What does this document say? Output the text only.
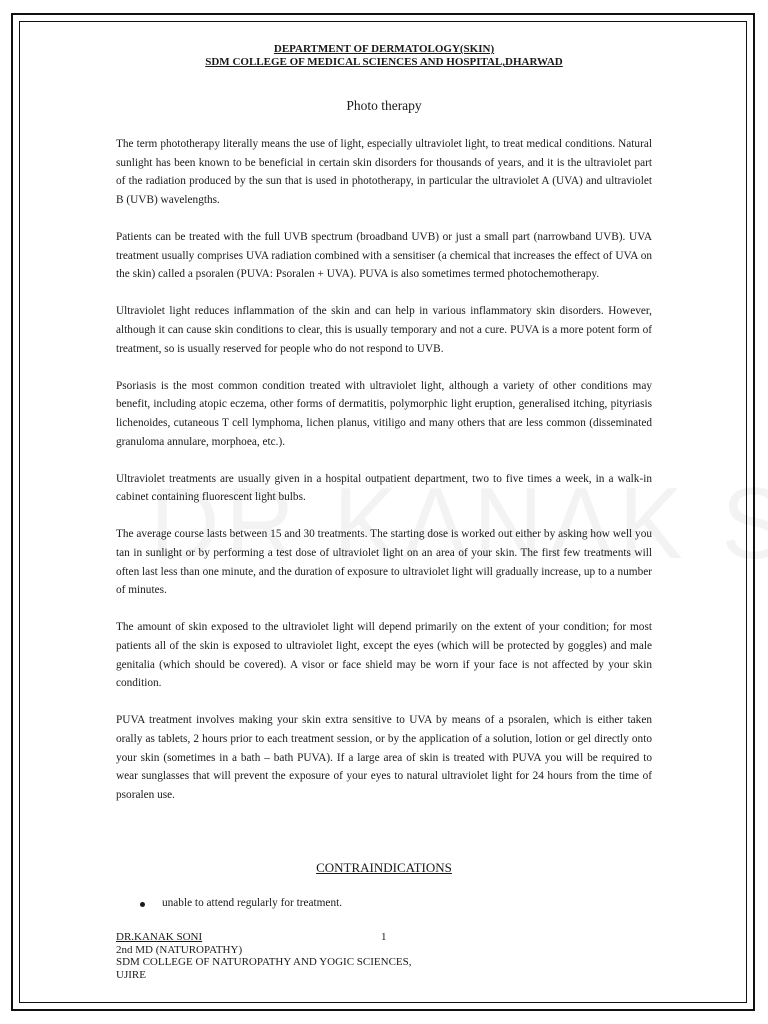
DEPARTMENT OF DERMATOLOGY(SKIN)
SDM COLLEGE OF MEDICAL SCIENCES AND HOSPITAL,DHARWAD
Photo therapy

The term phototherapy literally means the use of light, especially ultraviolet light, to treat medical conditions. Natural sunlight has been known to be beneficial in certain skin disorders for thousands of years, and it is the ultraviolet part of the radiation produced by the sun that is used in phototherapy, in particular the ultraviolet A (UVA) and ultraviolet B (UVB) wavelengths.

Patients can be treated with the full UVB spectrum (broadband UVB) or just a small part (narrowband UVB). UVA treatment usually comprises UVA radiation combined with a sensitiser (a chemical that increases the effect of UVA on the skin) called a psoralen (PUVA: Psoralen + UVA). PUVA is also sometimes termed photochemotherapy.

Ultraviolet light reduces inflammation of the skin and can help in various inflammatory skin disorders. However, although it can cause skin conditions to clear, this is usually temporary and not a cure. PUVA is a more potent form of treatment, so is usually reserved for people who do not respond to UVB.

Psoriasis is the most common condition treated with ultraviolet light, although a variety of other conditions may benefit, including atopic eczema, other forms of dermatitis, polymorphic light eruption, generalised itching, pityriasis lichenoides, cutaneous T cell lymphoma, lichen planus, vitiligo and many others that are less common (disseminated granuloma annulare, morphoea, etc.).

Ultraviolet treatments are usually given in a hospital outpatient department, two to five times a week, in a walk-in cabinet containing fluorescent light bulbs.

The average course lasts between 15 and 30 treatments. The starting dose is worked out either by asking how well you tan in sunlight or by performing a test dose of ultraviolet light on an area of your skin. The first few treatments will often last less than one minute, and the duration of exposure to ultraviolet light will gradually increase, up to a number of minutes.

The amount of skin exposed to the ultraviolet light will depend primarily on the extent of your condition; for most patients all of the skin is exposed to ultraviolet light, except the eyes (which will be protected by goggles) and male genitalia (which should be covered). A visor or face shield may be worn if your face is not affected by your skin condition.

PUVA treatment involves making your skin extra sensitive to UVA by means of a psoralen, which is either taken orally as tablets, 2 hours prior to each treatment session, or by the application of a solution, lotion or gel directly onto your skin (sometimes in a bath – bath PUVA). If a large area of skin is treated with PUVA you will be required to wear sunglasses that will prevent the exposure of your eyes to natural ultraviolet light for 24 hours from the time of psoralen use.

CONTRAINDICATIONS
unable to attend regularly for treatment.
DR.KANAK SONI
2nd MD (NATUROPATHY)
SDM COLLEGE OF NATUROPATHY AND YOGIC SCIENCES,
UJIRE
1
